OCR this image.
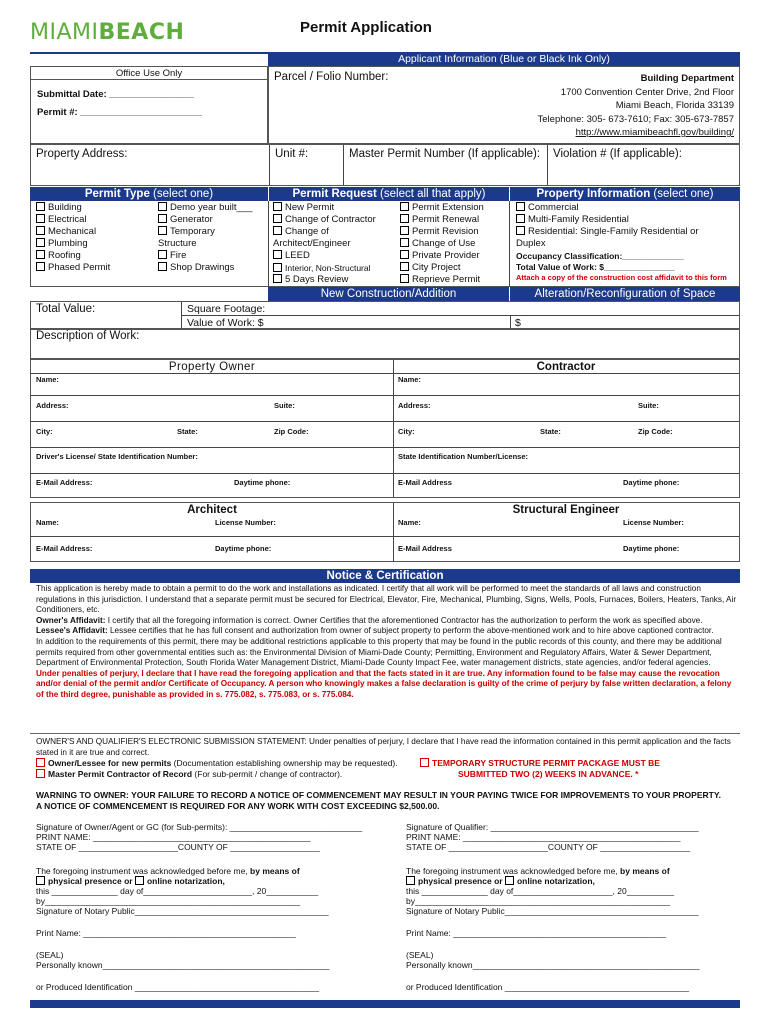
MIAMIBEACH	Permit Application
Applicant Information (Blue or Black Ink Only)
Office Use Only
Submittal Date: ________________
Permit #: _______________________
Parcel / Folio Number:	Building Department
1700 Convention Center Drive, 2nd Floor
Miami Beach, Florida 33139
Telephone: 305- 673-7610; Fax: 305-673-7857
http://www.miamibeachfl.gov/building/
Property Address:	Unit #:	Master Permit Number (If applicable): Violation # (If applicable):
Permit Type (select one)	Permit Request (select all that apply)	Property Information (select one)
Building
Electrical
Mechanical
Plumbing
Roofing
Phased Permit
Demo year built___
Generator
Temporary
Structure
Fire
Shop Drawings
New Permit
Change of Contractor
Change of
Architect/Engineer
LEED
Interior, Non-Structural
5 Days Review
Permit Extension
Permit Renewal
Permit Revision
Change of Use
Private Provider
City Project
Reprieve Permit
Commercial
Multi-Family Residential
Residential: Single-Family Residential or
Duplex
Occupancy Classification:_____________
Total Value of Work: $_______________
Attach a copy of the construction cost affidavit to this form
New Construction/Addition	Alteration/Reconfiguration of Space
Total Value:	Square Footage:
Value of Work: $	$
Description of Work:
Property Owner	Contractor
Name:	Name:
Address:	Suite:	Address:	Suite:
City:	State:	Zip Code:	City:	State:	Zip Code:
Driver's License/ State Identification Number:	State Identification Number/License:
E-Mail Address:	Daytime phone:	E-Mail Address	Daytime phone:
Architect	Structural Engineer
Name:	License Number:	Name:	License Number:
E-Mail Address:	Daytime phone:	E-Mail Address	Daytime phone:
Notice & Certification
This application is hereby made to obtain a permit to do the work and installations as indicated. I certify that all work will be performed to meet the standards of all laws and construction regulations in this jurisdiction. I understand that a separate permit must be secured for Electrical, Elevator, Fire, Mechanical, Plumbing, Signs, Wells, Pools, Furnaces, Boilers, Heaters, Tanks, Air Conditioners, etc.
Owner's Affidavit: I certify that all the foregoing information is correct. Owner Certifies that the aforementioned Contractor has the authorization to perform the work as specified above.
Lessee's Affidavit: Lessee certifies that he has full consent and authorization from owner of subject property to perform the above-mentioned work and to hire above captioned contractor.
In addition to the requirements of this permit, there may be additional restrictions applicable to this property that may be found in the public records of this county, and there may be additional permits required from other governmental entities such as: the Environmental Division of Miami-Dade County; Permitting, Environment and Regulatory Affairs, Water & Sewer Department, Department of Environmental Protection, South Florida Water Management District, Miami-Dade County Impact Fee, water management districts, state agencies, and/or federal agencies.
Under penalties of perjury, I declare that I have read the foregoing application and that the facts stated in it are true. Any information found to be false may cause the revocation and/or denial of the permit and/or Certificate of Occupancy. A person who knowingly makes a false declaration is guilty of the crime of perjury by false written declaration, a felony of the third degree, punishable as provided in s. 775.082, s. 775.083, or s. 775.084.
OWNER'S AND QUALIFIER'S ELECTRONIC SUBMISSION STATEMENT: Under penalties of perjury, I declare that I have read the information contained in this permit application and the facts stated in it are true and correct.
Owner/Lessee for new permits (Documentation establishing ownership may be requested).
Master Permit Contractor of Record (For sub-permit / change of contractor).
TEMPORARY STRUCTURE PERMIT PACKAGE MUST BE
SUBMITTED TWO (2) WEEKS IN ADVANCE. *
WARNING TO OWNER: YOUR FAILURE TO RECORD A NOTICE OF COMMENCEMENT MAY RESULT IN YOUR PAYING TWICE FOR IMPROVEMENTS TO YOUR PROPERTY. A NOTICE OF COMMENCEMENT IS REQUIRED FOR ANY WORK WITH COST EXCEEDING $2,500.00.
Signature of Owner/Agent or GC (for Sub-permits): ____________________________
PRINT NAME: ______________________________________________
STATE OF _____________________COUNTY OF ___________________
The foregoing instrument was acknowledged before me, by means of
physical presence or online notarization,
this ______________ day of_______________________, 20___________
by______________________________________________________
Signature of Notary Public_________________________________________
Print Name: _____________________________________________
(SEAL)
Personally known________________________________________________
or Produced Identification _______________________________________
Signature of Qualifier: ____________________________________________
PRINT NAME: ______________________________________________
STATE OF _____________________COUNTY OF ___________________
The foregoing instrument was acknowledged before me, by means of
physical presence or online notarization,
this ______________ day of_____________________, 20__________
by______________________________________________________
Signature of Notary Public_________________________________________
Print Name: _____________________________________________
(SEAL)
Personally known________________________________________________
or Produced Identification _______________________________________
